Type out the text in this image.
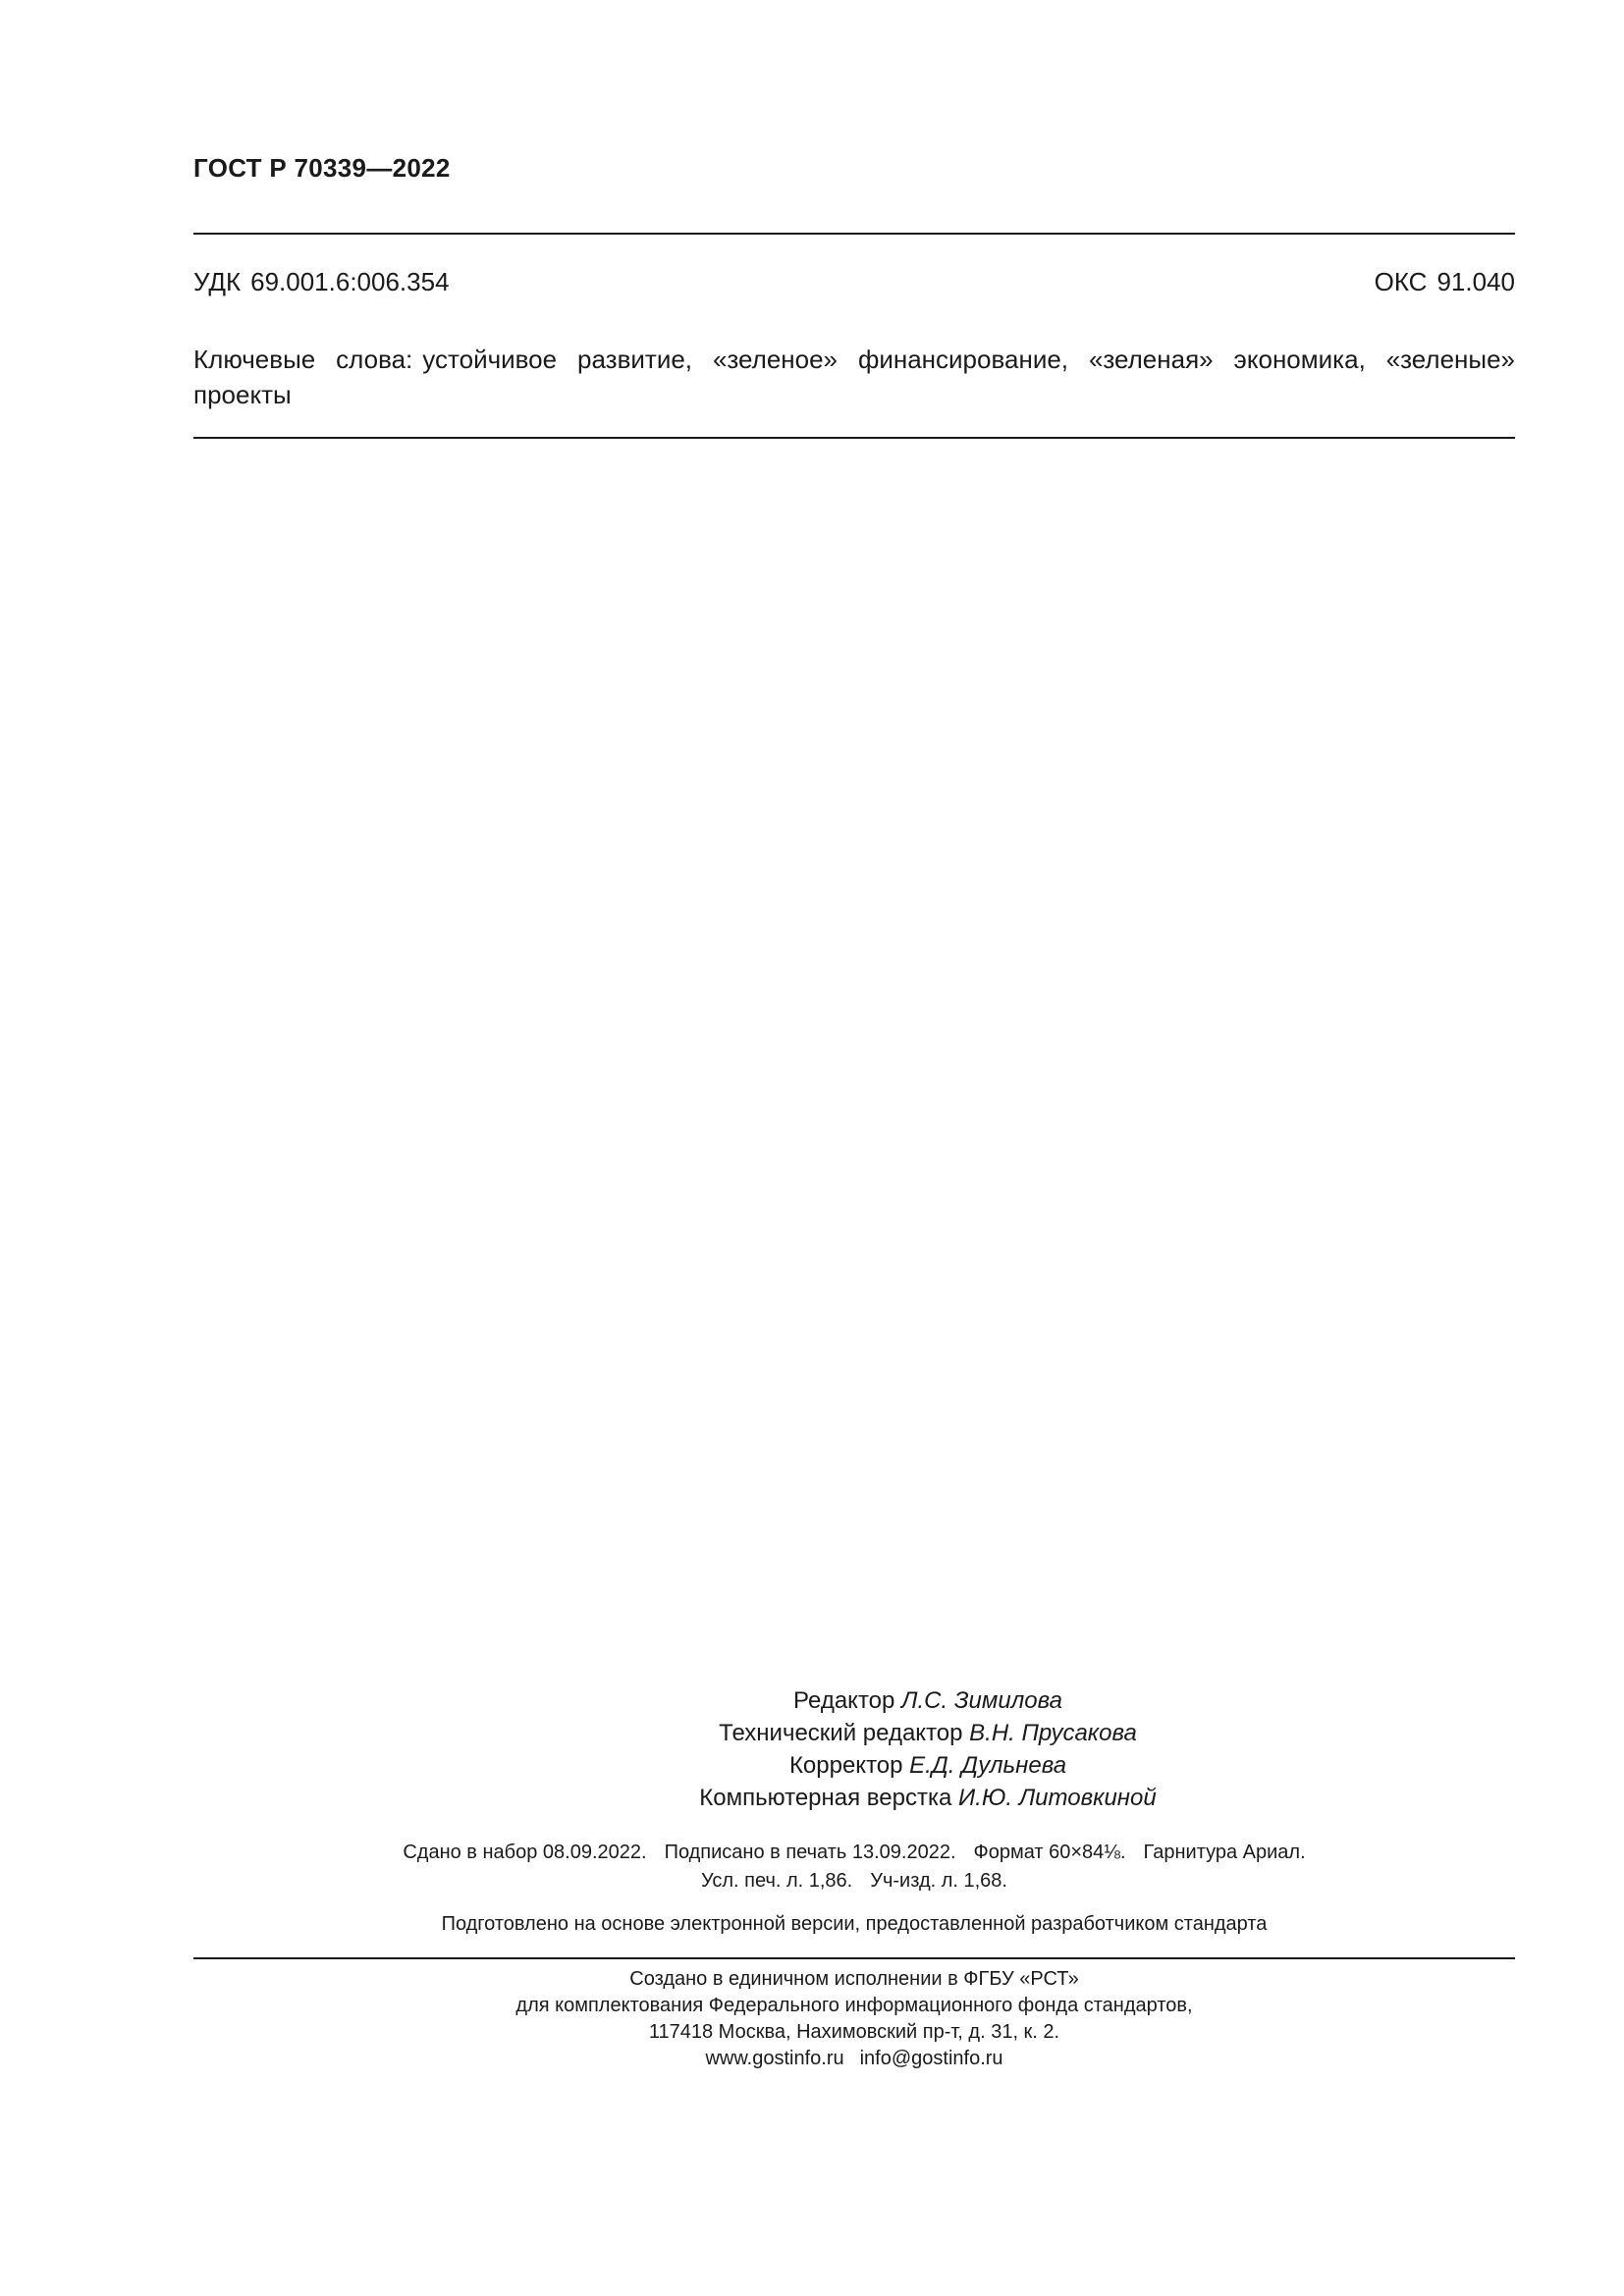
ГОСТ Р 70339—2022
УДК 69.001.6:006.354	ОКС 91.040
Ключевые слова: устойчивое развитие, «зеленое» финансирование, «зеленая» экономика, «зеленые» проекты
Редактор Л.С. Зимилова
Технический редактор В.Н. Прусакова
Корректор Е.Д. Дульнева
Компьютерная верстка И.Ю. Литовкиной
Сдано в набор 08.09.2022. Подписано в печать 13.09.2022. Формат 60×84⅛. Гарнитура Ариал.
Усл. печ. л. 1,86. Уч-изд. л. 1,68.
Подготовлено на основе электронной версии, предоставленной разработчиком стандарта
Создано в единичном исполнении в ФГБУ «РСТ»
для комплектования Федерального информационного фонда стандартов,
117418 Москва, Нахимовский пр-т, д. 31, к. 2.
www.gostinfo.ru info@gostinfo.ru
